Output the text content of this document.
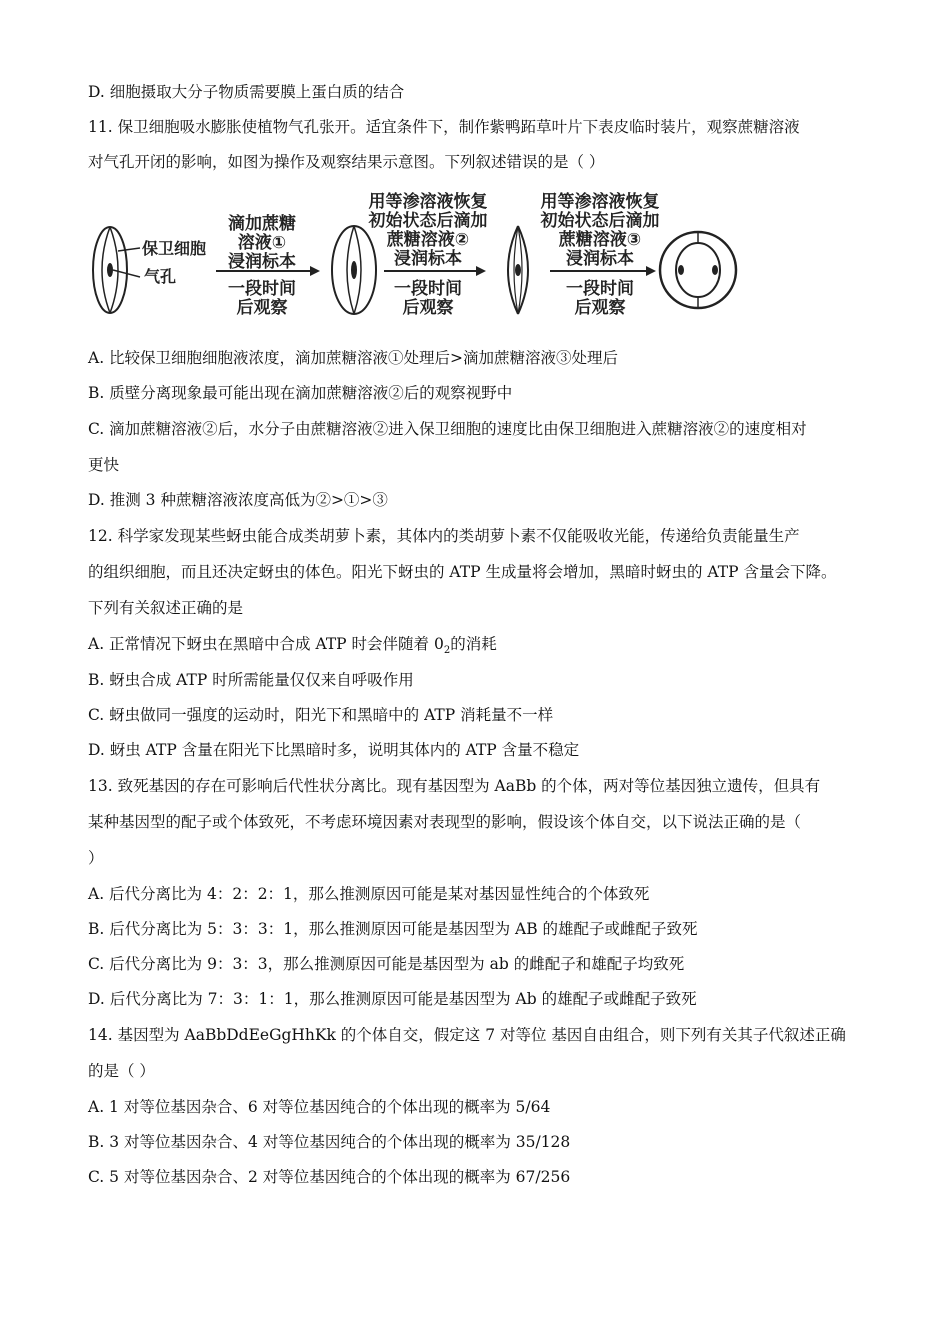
D. 细胞摄取大分子物质需要膜上蛋白质的结合
11. 保卫细胞吸水膨胀使植物气孔张开。适宜条件下，制作紫鸭跖草叶片下表皮临时装片，观察蔗糖溶液
对气孔开闭的影响，如图为操作及观察结果示意图。下列叙述错误的是（ ）
保卫细胞
气孔
滴加蔗糖
溶液①
浸润标本
一段时间
后观察
用等渗溶液恢复
初始状态后滴加
蔗糖溶液②
浸润标本
一段时间
后观察
用等渗溶液恢复
初始状态后滴加
蔗糖溶液③
浸润标本
一段时间
后观察
A. 比较保卫细胞细胞液浓度，滴加蔗糖溶液①处理后>滴加蔗糖溶液③处理后
B. 质壁分离现象最可能出现在滴加蔗糖溶液②后的观察视野中
C. 滴加蔗糖溶液②后，水分子由蔗糖溶液②进入保卫细胞的速度比由保卫细胞进入蔗糖溶液②的速度相对
更快
D. 推测 3 种蔗糖溶液浓度高低为②>①>③
12. 科学家发现某些蚜虫能合成类胡萝卜素，其体内的类胡萝卜素不仅能吸收光能，传递给负责能量生产
的组织细胞，而且还决定蚜虫的体色。阳光下蚜虫的 ATP 生成量将会增加，黑暗时蚜虫的 ATP 含量会下降。
下列有关叙述正确的是
A. 正常情况下蚜虫在黑暗中合成 ATP 时会伴随着 $0_2$的消耗
B. 蚜虫合成 ATP 时所需能量仅仅来自呼吸作用
C. 蚜虫做同一强度的运动时，阳光下和黑暗中的 ATP 消耗量不一样
D. 蚜虫 ATP 含量在阳光下比黑暗时多，说明其体内的 ATP 含量不稳定
13. 致死基因的存在可影响后代性状分离比。现有基因型为 AaBb 的个体，两对等位基因独立遗传，但具有
某种基因型的配子或个体致死，不考虑环境因素对表现型的影响，假设该个体自交，以下说法正确的是（
）
A. 后代分离比为 4：2：2：1，那么推测原因可能是某对基因显性纯合的个体致死
B. 后代分离比为 5：3：3：1，那么推测原因可能是基因型为 AB 的雄配子或雌配子致死
C. 后代分离比为 9：3：3，那么推测原因可能是基因型为 ab 的雌配子和雄配子均致死
D. 后代分离比为 7：3：1：1，那么推测原因可能是基因型为 Ab 的雄配子或雌配子致死
14. 基因型为 AaBbDdEeGgHhKk 的个体自交，假定这 7 对等位 基因自由组合，则下列有关其子代叙述正确
的是（ ）
A. 1 对等位基因杂合、6 对等位基因纯合的个体出现的概率为 5/64
B. 3 对等位基因杂合、4 对等位基因纯合的个体出现的概率为 35/128
C. 5 对等位基因杂合、2 对等位基因纯合的个体出现的概率为 67/256
